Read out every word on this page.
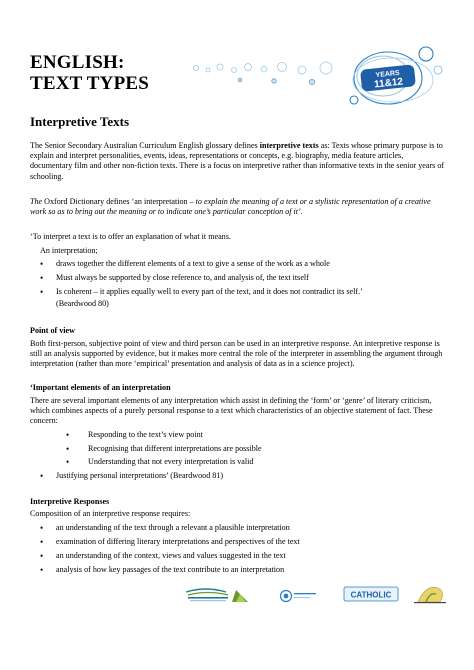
ENGLISH:
TEXT TYPES	YEARS
11&12
Interpretive Texts

The Senior Secondary Australian Curriculum English glossary defines interpretive texts as: Texts whose primary purpose is to explain and interpret personalities, events, ideas, representations or concepts, e.g. biography, media feature articles, documentary film and other non-fiction texts. There is a focus on interpretive rather than informative texts in the senior years of schooling.

The Oxford Dictionary defines ‘an interpretation – to explain the meaning of a text or a stylistic representation of a creative work so as to bring out the meaning or to indicate one’s particular conception of it’.

‘To interpret a text is to offer an explanation of what it means.

An interpretation;

• draws together the different elements of a text to give a sense of the work as a whole
• Must always be supported by close reference to, and analysis of, the text itself
• Is coherent – it applies equally well to every part of the text, and it does not contradict its self.’

(Beardwood 80)

Point of view

Both first-person, subjective point of view and third person can be used in an interpretive response. An interpretive response is still an analysis supported by evidence, but it makes more central the role of the interpreter in assembling the argument through interpretation (rather than more ‘empirical’ presentation and analysis of data as in a science project).

‘Important elements of an interpretation

There are several important elements of any interpretation which assist in defining the ‘form’ or ‘genre’ of literary criticism, which combines aspects of a purely personal response to a text which characteristics of an objective statement of fact. These concern:

• Responding to the text’s view point
• Recognising that different interpretations are possible
• Understanding that not every interpretation is valid
• Justifying personal interpretations’ (Beardwood 81)
Interpretive Responses

Composition of an interpretive response requires:

• an understanding of the text through a relevant a plausible interpretation
• examination of differing literary interpretations and perspectives of the text
• an understanding of the context, views and values suggested in the text
• analysis of how key passages of the text contribute to an interpretation
CATHOLIC
